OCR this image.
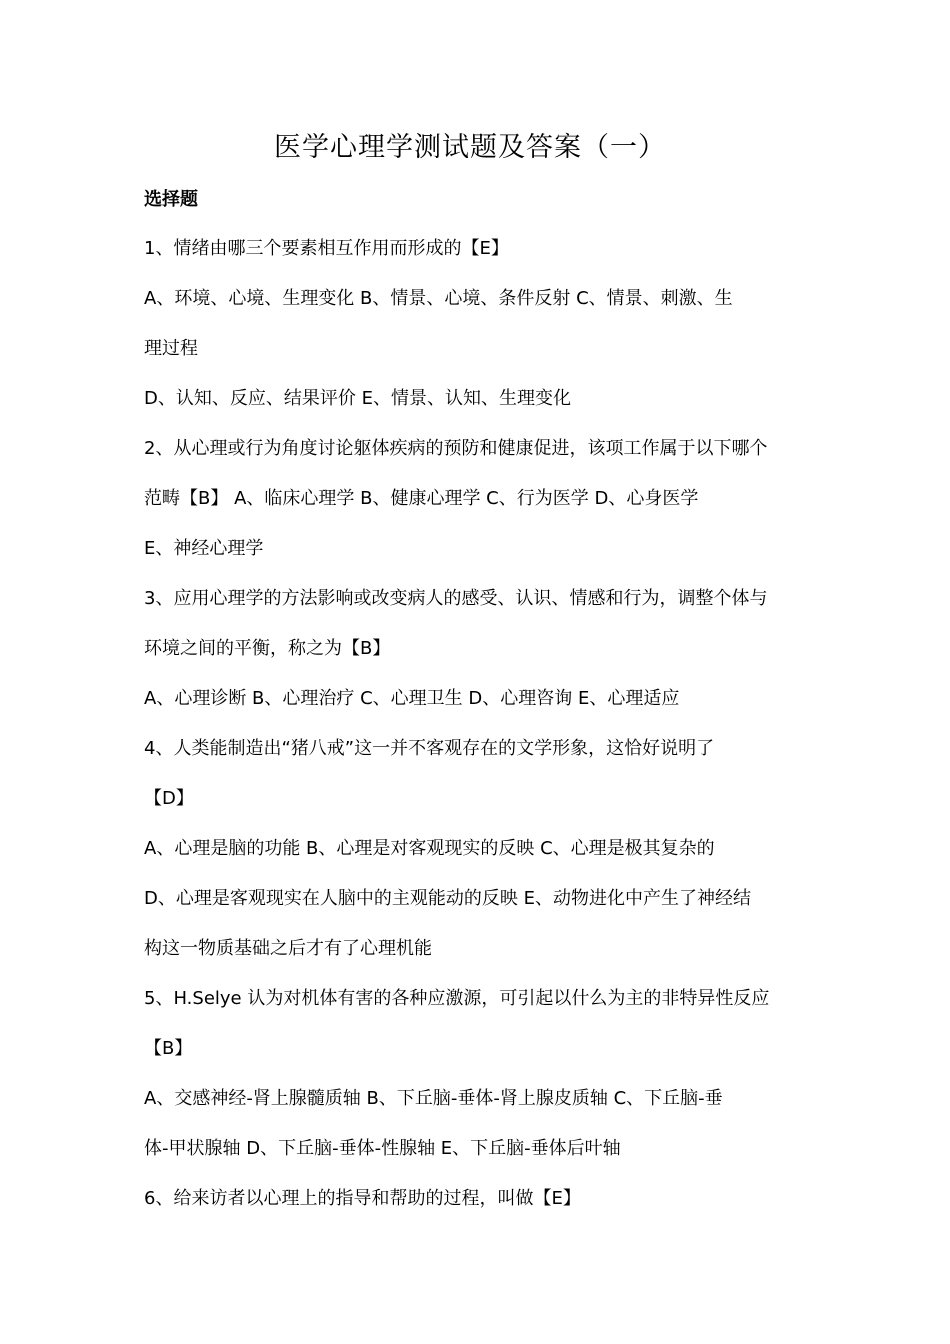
医学心理学测试题及答案（一）
选择题
1、情绪由哪三个要素相互作用而形成的【E】
A、环境、心境、生理变化 B、情景、心境、条件反射 C、情景、刺激、生
理过程
D、认知、反应、结果评价 E、情景、认知、生理变化
2、从心理或行为角度讨论躯体疾病的预防和健康促进，该项工作属于以下哪个
范畴【B】 A、临床心理学 B、健康心理学 C、行为医学 D、心身医学
E、神经心理学
3、应用心理学的方法影响或改变病人的感受、认识、情感和行为，调整个体与
环境之间的平衡，称之为【B】
A、心理诊断 B、心理治疗 C、心理卫生 D、心理咨询 E、心理适应
4、人类能制造出“猪八戒”这一并不客观存在的文学形象，这恰好说明了
【D】
A、心理是脑的功能 B、心理是对客观现实的反映 C、心理是极其复杂的
D、心理是客观现实在人脑中的主观能动的反映 E、动物进化中产生了神经结
构这一物质基础之后才有了心理机能
5、H.Selye 认为对机体有害的各种应激源，可引起以什么为主的非特异性反应
【B】
A、交感神经-肾上腺髓质轴 B、下丘脑-垂体-肾上腺皮质轴 C、下丘脑-垂
体-甲状腺轴 D、下丘脑-垂体-性腺轴 E、下丘脑-垂体后叶轴
6、给来访者以心理上的指导和帮助的过程，叫做【E】
